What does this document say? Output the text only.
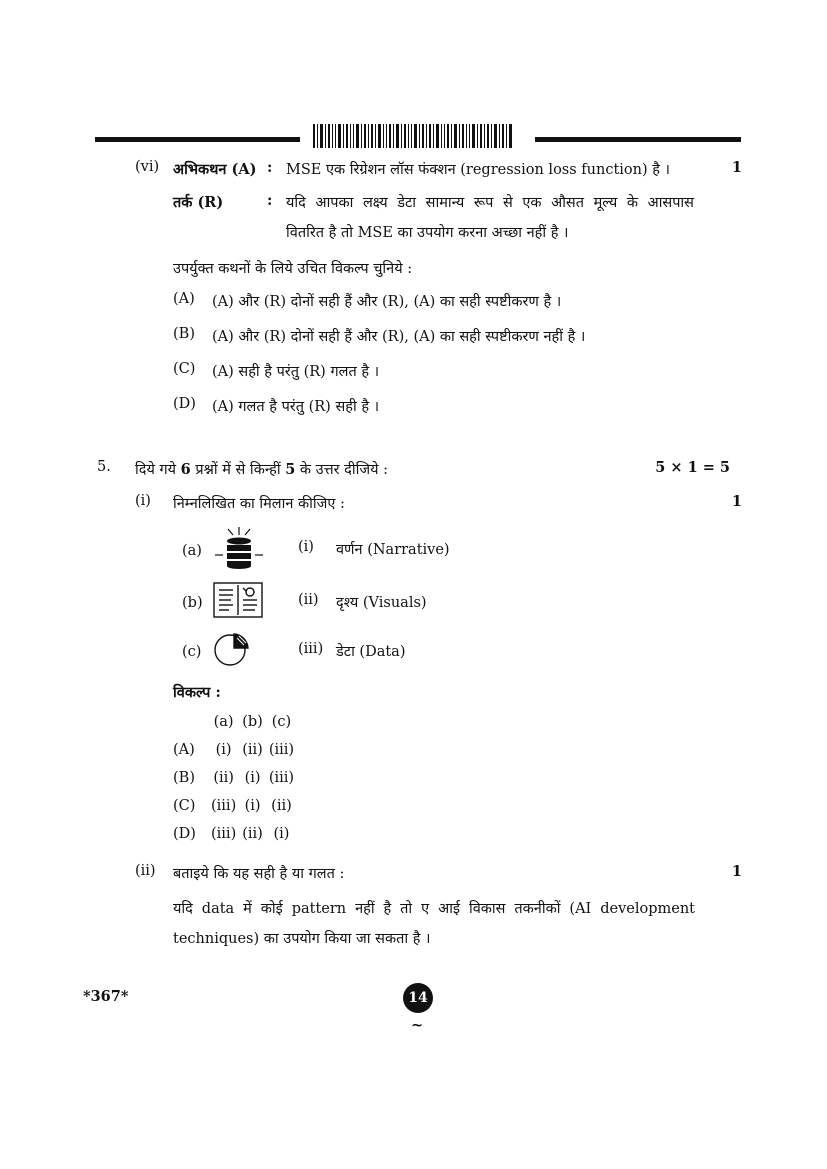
(vi) अभिकथन (A) : MSE एक रिग्रेशन लॉस फंक्शन (regression loss function) है ।	1
तर्क (R)	: यदि आपका लक्ष्य डेटा सामान्य रूप से एक औसत मूल्य के आसपास
वितरित है तो MSE का उपयोग करना अच्छा नहीं है ।
उपर्युक्त कथनों के लिये उचित विकल्प चुनिये :
(A) (A) और (R) दोनों सही हैं और (R), (A) का सही स्पष्टीकरण है ।
(B) (A) और (R) दोनों सही हैं और (R), (A) का सही स्पष्टीकरण नहीं है ।
(C) (A) सही है परंतु (R) गलत है ।
(D) (A) गलत है परंतु (R) सही है ।
5. दिये गये 6 प्रश्नों में से किन्हीं 5 के उत्तर दीजिये :	5 × 1 = 5
(i) निम्नलिखित का मिलान कीजिए :	1
(a)	(i) वर्णन (Narrative)
(b)	(ii) दृश्य (Visuals)
(c)	(iii) डेटा (Data)
विकल्प :
	(a)	(b)	(c)
(A)	(i)	(ii)	(iii)
(B)	(ii)	(i)	(iii)
(C)	(iii)	(i)	(ii)
(D)	(iii)	(ii)	(i)
(ii) बताइये कि यह सही है या गलत :	1
यदि data में कोई pattern नहीं है तो ए आई विकास तकनीकों (AI development
techniques) का उपयोग किया जा सकता है ।
*367*	14
~
